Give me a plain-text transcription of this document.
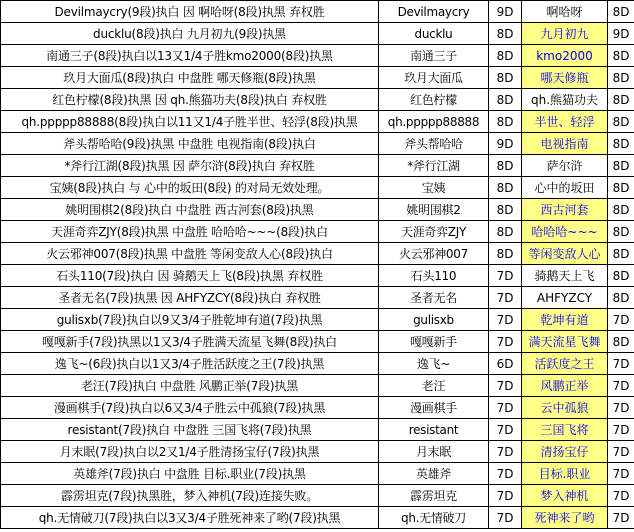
Devilmaycry(9段)执白 因 啊哈呀(8段)执黑 弃权胜	Devilmaycry	9D	啊哈呀	8D
ducklu(8段)执白 九月初九(9段)执黑	ducklu	8D	九月初九	9D
南通三子(8段)执白以13又1/4子胜kmo2000(8段)执黑	南通三子	8D	kmo2000	8D
玖月大面瓜(8段)执白 中盘胜 哪天修瓶(8段)执黑	玖月大面瓜	8D	哪天修瓶	8D
红色柠檬(8段)执黑 因 qh.熊猫功夫(8段)执白 弃权胜	红色柠檬	8D	qh.熊猫功夫	8D
qh.ppppp88888(8段)执白以11又1/4子胜半世、轻浮(8段)执黑	qh.ppppp88888	8D	半世、轻浮	8D
斧头帮哈哈(9段)执黑 中盘胜 电视指南(8段)执白	斧头帮哈哈	9D	电视指南	8D
*斧行江湖(8段)执黑 因 萨尔浒(8段)执白 弃权胜	*斧行江湖	8D	萨尔浒	8D
宝姨(8段)执白 与 心中的坂田(8段) 的对局无效处理。	宝姨	8D	心中的坂田	8D
姚明围棋2(8段)执白 中盘胜 西古河套(8段)执黑	姚明围棋2	8D	西古河套	8D
天涯奇弈ZJY(8段)执黑 中盘胜 哈哈哈~~~(8段)执白	天涯奇弈ZJY	8D	哈哈哈~~~	8D
火云邪神007(8段)执黑 中盘胜 等闲变敌人心(8段)执白	火云邪神007	8D	等闲变敌人心	8D
石头110(7段)执白 因 骑鹅天上飞(8段)执黑 弃权胜	石头110	7D	骑鹅天上飞	8D
圣者无名(7段)执黑 因 AHFYZCY(8段)执白 弃权胜	圣者无名	7D	AHFYZCY	8D
gulisxb(7段)执白以9又3/4子胜乾坤有道(7段)执黑	gulisxb	7D	乾坤有道	7D
嘎嘎新手(7段)执黑以1又3/4子胜满天流星飞舞(8段)执白	嘎嘎新手	7D	满天流星飞舞	8D
逸飞~(6段)执白以1又3/4子胜活跃度之王(7段)执黑	逸飞~	6D	活跃度之王	7D
老汪(7段)执白 中盘胜 风鹏正举(7段)执黑	老汪	7D	风鹏正举	7D
漫画棋手(7段)执白以6又3/4子胜云中孤狼(7段)执黑	漫画棋手	7D	云中孤狼	7D
resistant(7段)执白 中盘胜 三国飞将(7段)执黑	resistant	7D	三国飞将	7D
月末眠(7段)执白以2又1/4子胜清扬宝仔(7段)执黑	月末眠	7D	清扬宝仔	7D
英雄斧(7段)执白 中盘胜 目标.职业(7段)执黑	英雄斧	7D	目标.职业	7D
霹雳坦克(7段)执黑胜，梦入神机(7段)连接失败。	霹雳坦克	7D	梦入神机	7D
qh.无情破刀(7段)执白以3又3/4子胜死神来了哟(7段)执黑	qh.无情破刀	7D	死神来了哟	7D
